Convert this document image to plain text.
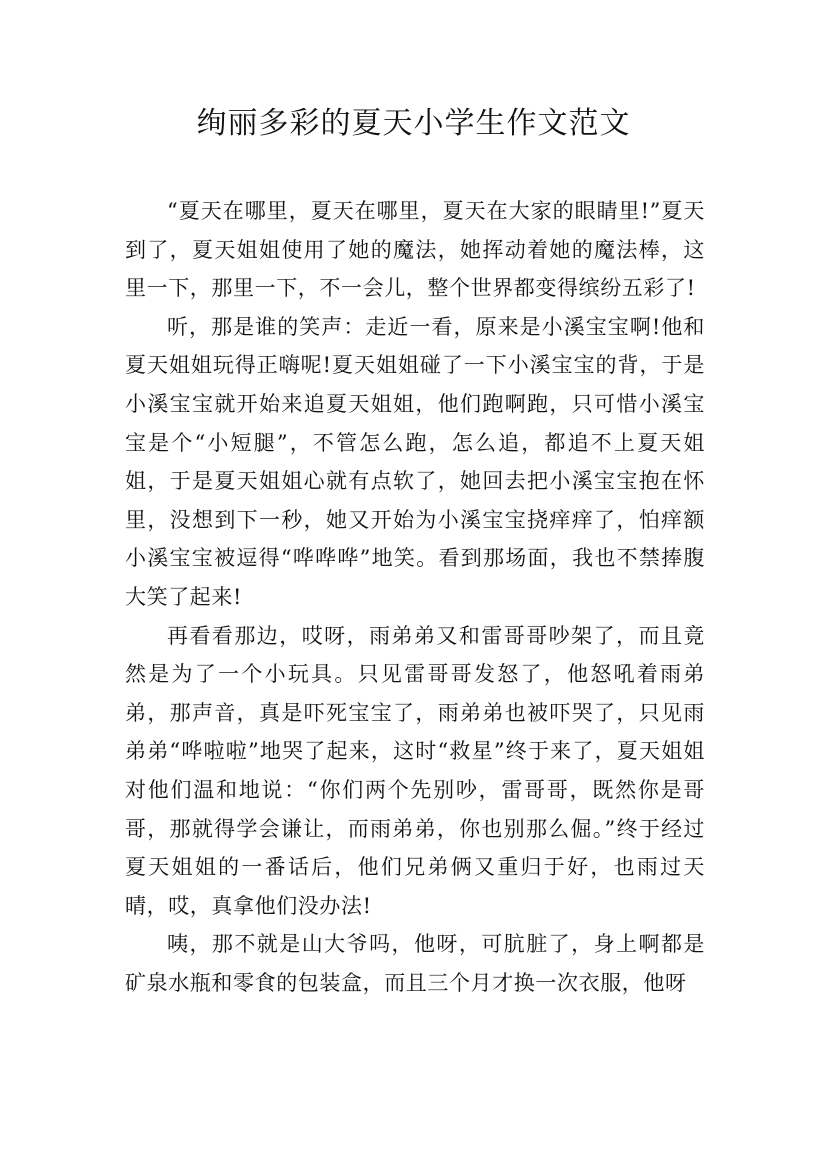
绚丽多彩的夏天小学生作文范文

“夏天在哪里，夏天在哪里，夏天在大家的眼睛里!”夏天到了，夏天姐姐使用了她的魔法，她挥动着她的魔法棒，这里一下，那里一下，不一会儿，整个世界都变得缤纷五彩了!

听，那是谁的笑声：走近一看，原来是小溪宝宝啊!他和夏天姐姐玩得正嗨呢!夏天姐姐碰了一下小溪宝宝的背，于是小溪宝宝就开始来追夏天姐姐，他们跑啊跑，只可惜小溪宝宝是个“小短腿”，不管怎么跑，怎么追，都追不上夏天姐姐，于是夏天姐姐心就有点软了，她回去把小溪宝宝抱在怀里，没想到下一秒，她又开始为小溪宝宝挠痒痒了，怕痒额小溪宝宝被逗得“哗哗哗”地笑。看到那场面，我也不禁捧腹大笑了起来!

再看看那边，哎呀，雨弟弟又和雷哥哥吵架了，而且竟然是为了一个小玩具。只见雷哥哥发怒了，他怒吼着雨弟弟，那声音，真是吓死宝宝了，雨弟弟也被吓哭了，只见雨弟弟“哗啦啦”地哭了起来，这时“救星”终于来了，夏天姐姐对他们温和地说：“你们两个先别吵，雷哥哥，既然你是哥哥，那就得学会谦让，而雨弟弟，你也别那么倔。”终于经过夏天姐姐的一番话后，他们兄弟俩又重归于好，也雨过天晴，哎，真拿他们没办法!

咦，那不就是山大爷吗，他呀，可肮脏了，身上啊都是矿泉水瓶和零食的包装盒，而且三个月才换一次衣服，他呀
